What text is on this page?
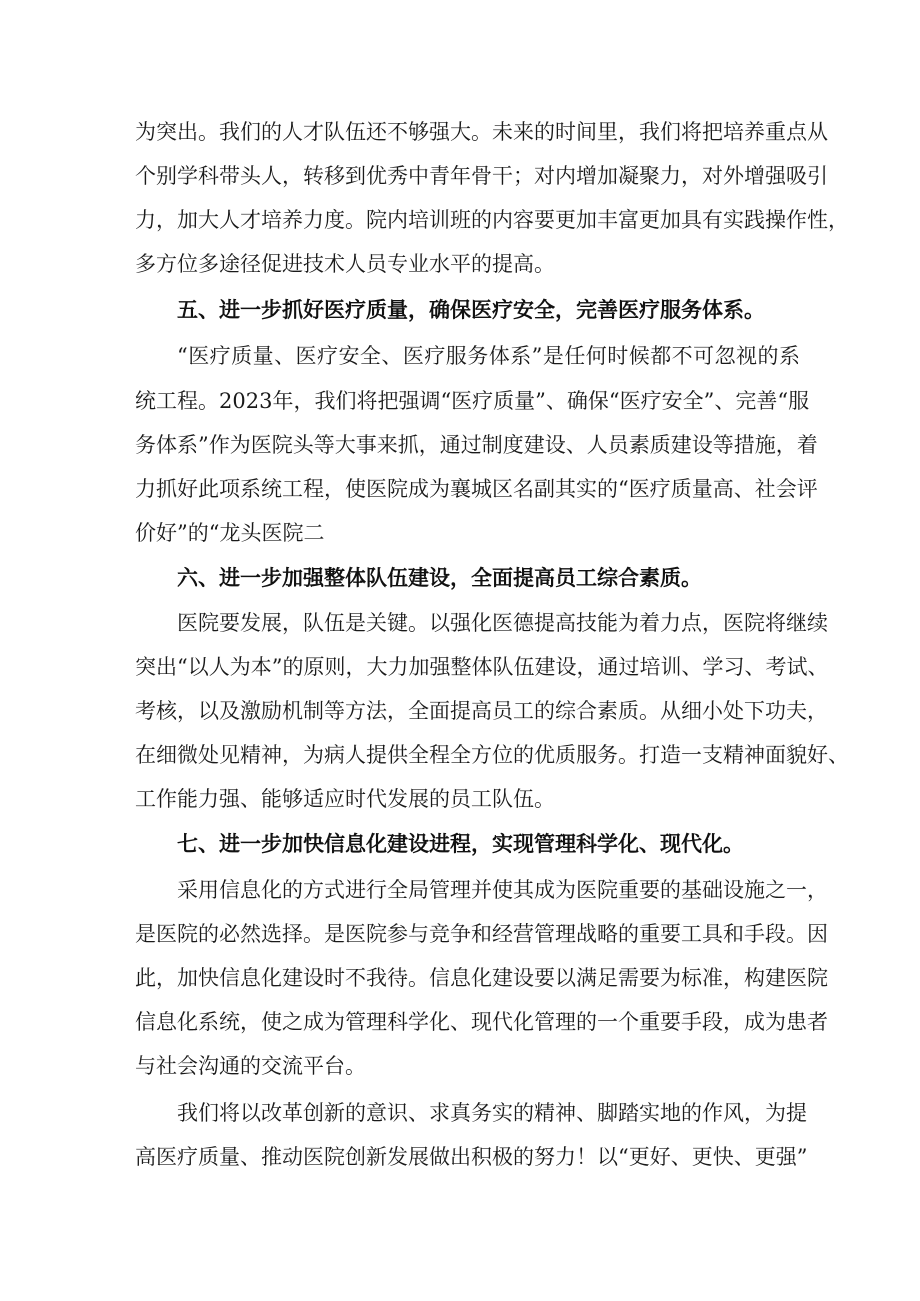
为突出。我们的人才队伍还不够强大。未来的时间里，我们将把培养重点从
个别学科带头人，转移到优秀中青年骨干；对内增加凝聚力，对外增强吸引
力，加大人才培养力度。院内培训班的内容要更加丰富更加具有实践操作性，
多方位多途径促进技术人员专业水平的提高。
五、进一步抓好医疗质量，确保医疗安全，完善医疗服务体系。
“医疗质量、医疗安全、医疗服务体系”是任何时候都不可忽视的系
统工程。2023年，我们将把强调“医疗质量”、确保“医疗安全”、完善“服
务体系”作为医院头等大事来抓，通过制度建设、人员素质建设等措施，着
力抓好此项系统工程，使医院成为襄城区名副其实的“医疗质量高、社会评
价好”的“龙头医院二
六、进一步加强整体队伍建设，全面提高员工综合素质。
医院要发展，队伍是关键。以强化医德提高技能为着力点，医院将继续
突出“以人为本”的原则，大力加强整体队伍建设，通过培训、学习、考试、
考核，以及激励机制等方法，全面提高员工的综合素质。从细小处下功夫，
在细微处见精神，为病人提供全程全方位的优质服务。打造一支精神面貌好、
工作能力强、能够适应时代发展的员工队伍。
七、进一步加快信息化建设进程，实现管理科学化、现代化。
采用信息化的方式进行全局管理并使其成为医院重要的基础设施之一，
是医院的必然选择。是医院参与竞争和经营管理战略的重要工具和手段。因
此，加快信息化建设时不我待。信息化建设要以满足需要为标准，构建医院
信息化系统，使之成为管理科学化、现代化管理的一个重要手段，成为患者
与社会沟通的交流平台。
我们将以改革创新的意识、求真务实的精神、脚踏实地的作风，为提
高医疗质量、推动医院创新发展做出积极的努力！以“更好、更快、更强”
